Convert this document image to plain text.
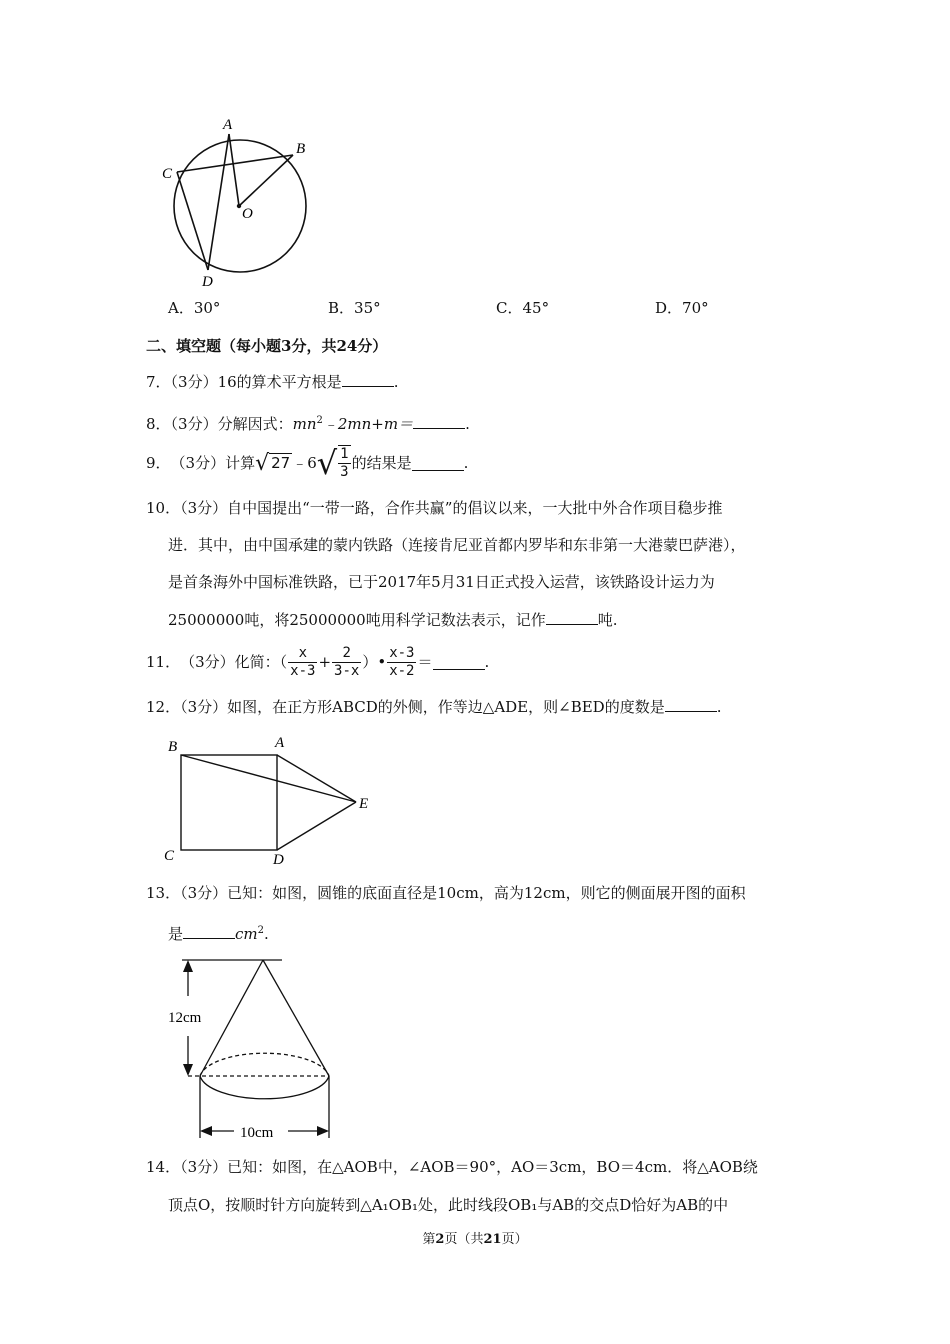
A
B
C
D
O
A．30°	B．35°	C．45°	D．70°
二、填空题（每小题3分，共24分）
7．（3分）16的算术平方根是	.
8．（3分）分解因式：$mn^2﹣2mn+m=$	.
9． （3分） 计算 √ 27 ﹣6 √ $\frac{1}{3}$ 的结果是	.
10．（3分）自中国提出“一带一路，合作共赢”的倡议以来，一大批中外合作项目稳步推
进．其中，由中国承建的蒙内铁路（连接肯尼亚首都内罗毕和东非第一大港蒙巴萨港），
是首条海外中国标准铁路，已于2017年5月31日正式投入运营，该铁路设计运力为
25000000吨，将25000000吨用科学记数法表示，记作	吨.
11． （3分） 化简：（ $\frac{x}{x-3} + \frac{2}{3-x}$ ）• $\frac{x-3}{x-2}$ ＝	.
12．（3分）如图，在正方形ABCD的外侧，作等边△ADE，则∠BED的度数是	.
B	A
E
C	D
13．（3分）已知：如图，圆锥的底面直径是10cm，高为12cm，则它的侧面展开图的面积
是	$cm^2$.
12cm
10cm
14．（3分）已知：如图，在△AOB中，∠AOB＝90°，AO＝3cm，BO＝4cm．将△AOB绕
顶点O，按顺时针方向旋转到△A₁OB₁处，此时线段OB₁与AB的交点D恰好为AB的中
第2页（共21页）
